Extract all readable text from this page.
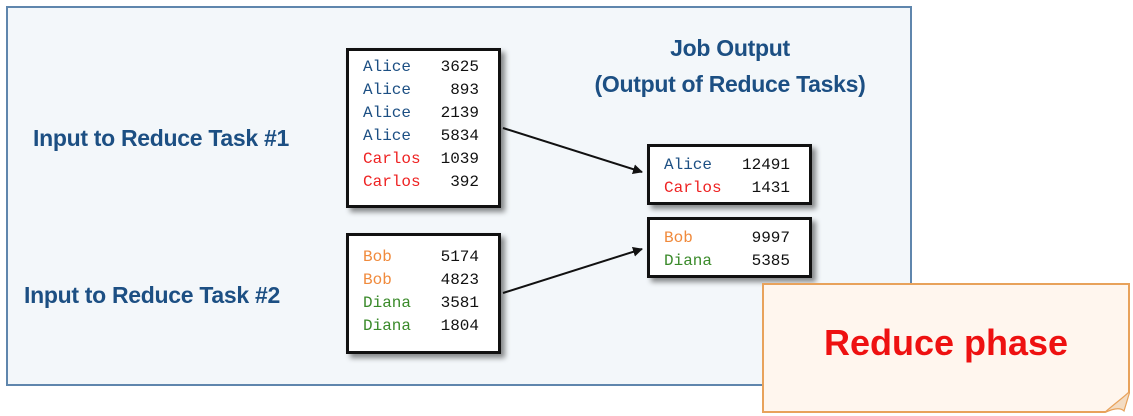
Job Output
(Output of Reduce Tasks)
Input to Reduce Task #1
Input to Reduce Task #2
Alice 3625
Alice 893
Alice 2139
Alice 5834
Carlos 1039
Carlos 392
Bob	5174
Bob	4823
Diana 3581
Diana 1804
Alice 12491
Carlos 1431
Bob	9997
Diana 5385
Reduce phase
